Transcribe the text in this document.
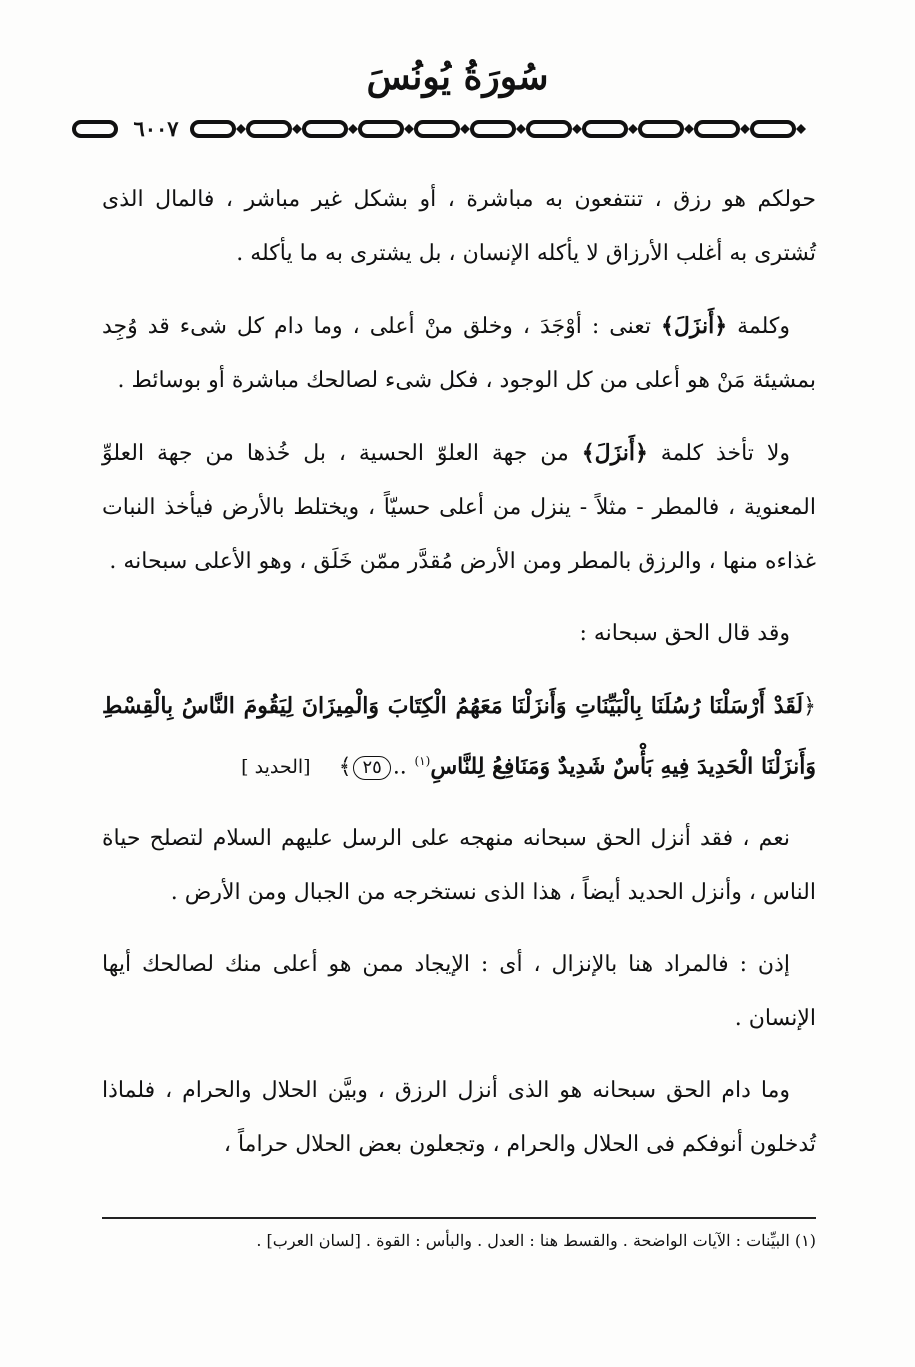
سُورَةُ يُونُسَ
٦٠٠٧

حولكم هو رزق ، تنتفعون به مباشرة ، أو بشكل غير مباشر ، فالمال الذى تُشترى به أغلب الأرزاق لا يأكله الإنسان ، بل يشترى به ما يأكله .

وكلمة ﴿أَنزَلَ﴾ تعنى : أوْجَدَ ، وخلق منْ أعلى ، وما دام كل شىء قد وُجِد بمشيئة مَنْ هو أعلى من كل الوجود ، فكل شىء لصالحك مباشرة أو بوسائط .

ولا تأخذ كلمة ﴿أَنزَلَ﴾ من جهة العلوّ الحسية ، بل خُذها من جهة العلوِّ المعنوية ، فالمطر - مثلاً - ينزل من أعلى حسيّاً ، ويختلط بالأرض فيأخذ النبات غذاءه منها ، والرزق بالمطر ومن الأرض مُقدَّر ممّن خَلَق ، وهو الأعلى سبحانه .

وقد قال الحق سبحانه :

﴿لَقَدْ أَرْسَلْنَا رُسُلَنَا بِالْبَيِّنَاتِ وَأَنزَلْنَا مَعَهُمُ الْكِتَابَ وَالْمِيزَانَ لِيَقُومَ النَّاسُ بِالْقِسْطِ وَأَنزَلْنَا الْحَدِيدَ فِيهِ بَأْسٌ شَدِيدٌ وَمَنَافِعُ لِلنَّاسِ$^{(١)}$ ..٢٥﴾[الحديد ]

نعم ، فقد أنزل الحق سبحانه منهجه على الرسل عليهم السلام لتصلح حياة الناس ، وأنزل الحديد أيضاً ، هذا الذى نستخرجه من الجبال ومن الأرض .

إذن : فالمراد هنا بالإنزال ، أى : الإيجاد ممن هو أعلى منك لصالحك أيها الإنسان .

وما دام الحق سبحانه هو الذى أنزل الرزق ، وبيَّن الحلال والحرام ، فلماذا تُدخلون أنوفكم فى الحلال والحرام ، وتجعلون بعض الحلال حراماً ،

(١) البيِّنات : الآيات الواضحة . والقسط هنا : العدل . والبأس : القوة . [لسان العرب] .
